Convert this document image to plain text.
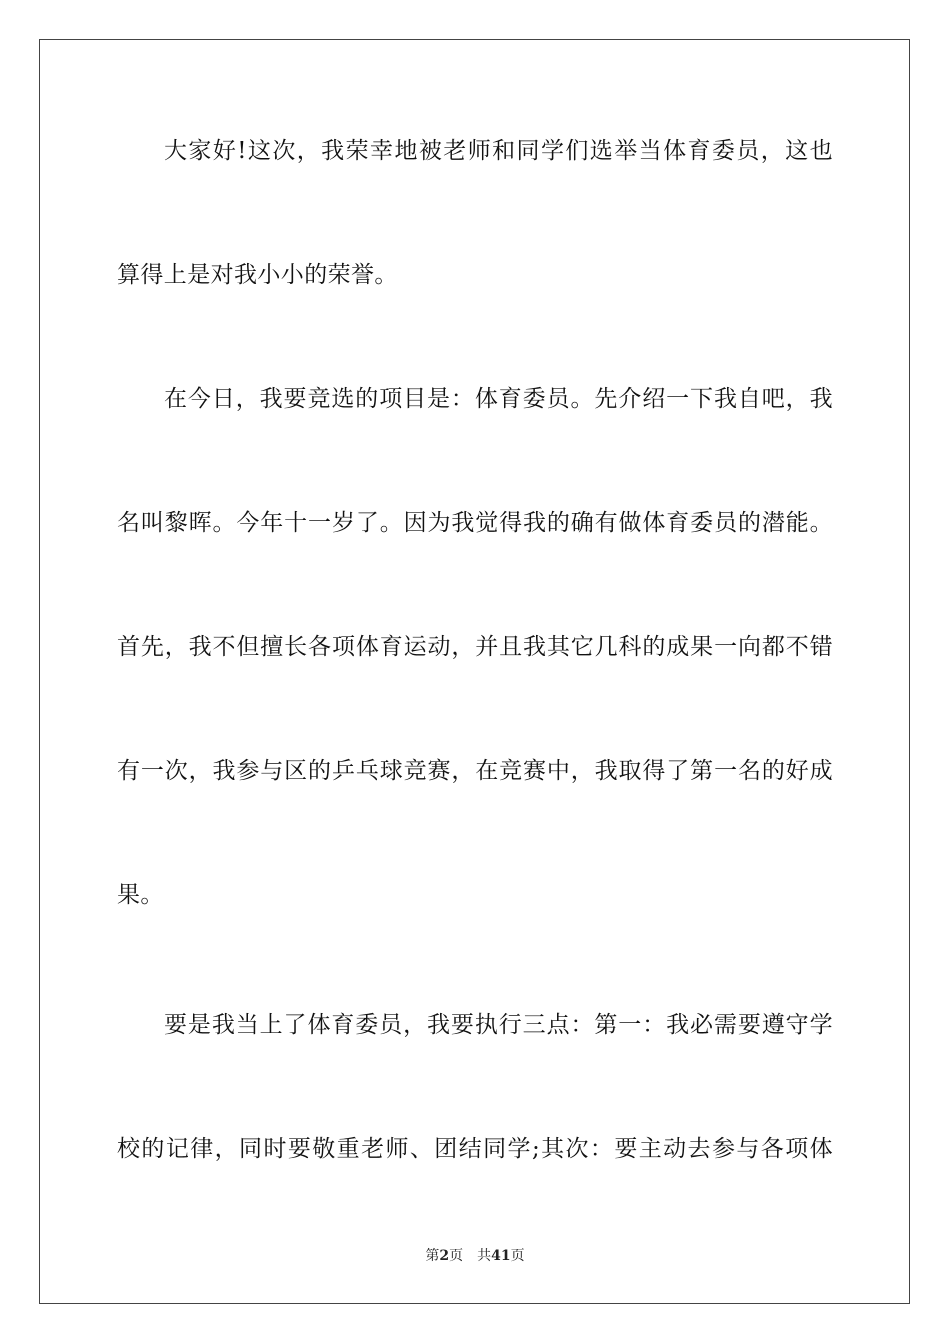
大家好!这次，我荣幸地被老师和同学们选举当体育委员，这也
算得上是对我小小的荣誉。
在今日，我要竞选的项目是：体育委员。先介绍一下我自吧，我
名叫黎晖。今年十一岁了。因为我觉得我的确有做体育委员的潜能。
首先，我不但擅长各项体育运动，并且我其它几科的成果一向都不错
有一次，我参与区的乒乓球竞赛，在竞赛中，我取得了第一名的好成
果。
要是我当上了体育委员，我要执行三点：第一：我必需要遵守学
校的记律，同时要敬重老师、团结同学;其次：要主动去参与各项体
第2页 共41页
